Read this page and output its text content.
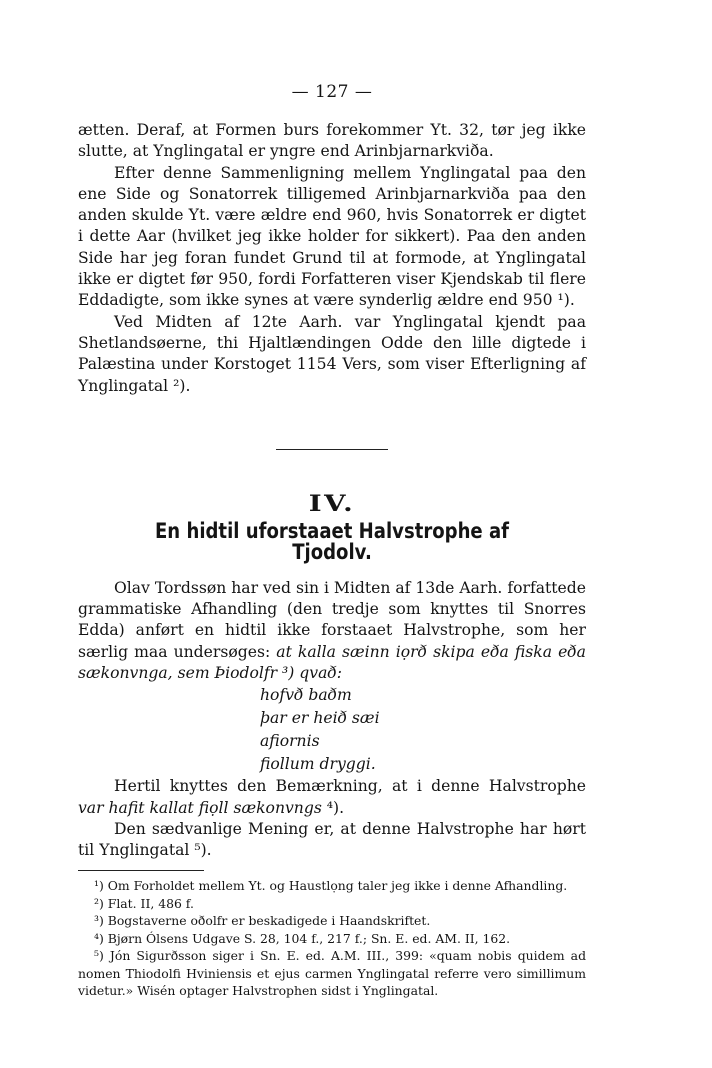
— 127 —

ætten. Deraf, at Formen burs forekommer Yt. 32, tør jeg ikke slutte, at Ynglingatal er yngre end Arinbjarnarkviða.

Efter denne Sammenligning mellem Ynglingatal paa den ene Side og Sonatorrek tilligemed Arinbjarnarkviða paa den anden skulde Yt. være ældre end 960, hvis Sonatorrek er digtet i dette Aar (hvilket jeg ikke holder for sikkert). Paa den anden Side har jeg foran fundet Grund til at formode, at Ynglingatal ikke er digtet før 950, fordi Forfatteren viser Kjendskab til flere Eddadigte, som ikke synes at være synderlig ældre end 950 ¹).

Ved Midten af 12te Aarh. var Ynglingatal kjendt paa Shetlandsøerne, thi Hjaltlændingen Odde den lille digtede i Palæstina under Korstoget 1154 Vers, som viser Efterligning af Ynglingatal ²).

IV.
En hidtil uforstaaet Halvstrophe af Tjodolv.

Olav Tordssøn har ved sin i Midten af 13de Aarh. forfattede grammatiske Afhandling (den tredje som knyttes til Snorres Edda) anført en hidtil ikke forstaaet Halvstrophe, som her særlig maa undersøges: at kalla sæinn iọrð skipa eða fiska eða sækonvnga, sem Þiodolfr ³) qvað:

hofvð baðm
þar er heið sæi
afiornis
fiollum dryggi.

Hertil knyttes den Bemærkning, at i denne Halvstrophe var hafit kallat fiọll sækonvngs ⁴).

Den sædvanlige Mening er, at denne Halvstrophe har hørt til Ynglingatal ⁵).

¹) Om Forholdet mellem Yt. og Haustlọng taler jeg ikke i denne Afhandling.

²) Flat. II, 486 f.

³) Bogstaverne oðolfr er beskadigede i Haandskriftet.

⁴) Bjørn Ólsens Udgave S. 28, 104 f., 217 f.; Sn. E. ed. AM. II, 162.

⁵) Jón Sigurðsson siger i Sn. E. ed. A.M. III., 399: «quam nobis quidem ad nomen Thiodolfi Hviniensis et ejus carmen Ynglingatal referre vero simillimum videtur.» Wisén optager Halvstrophen sidst i Ynglingatal.
